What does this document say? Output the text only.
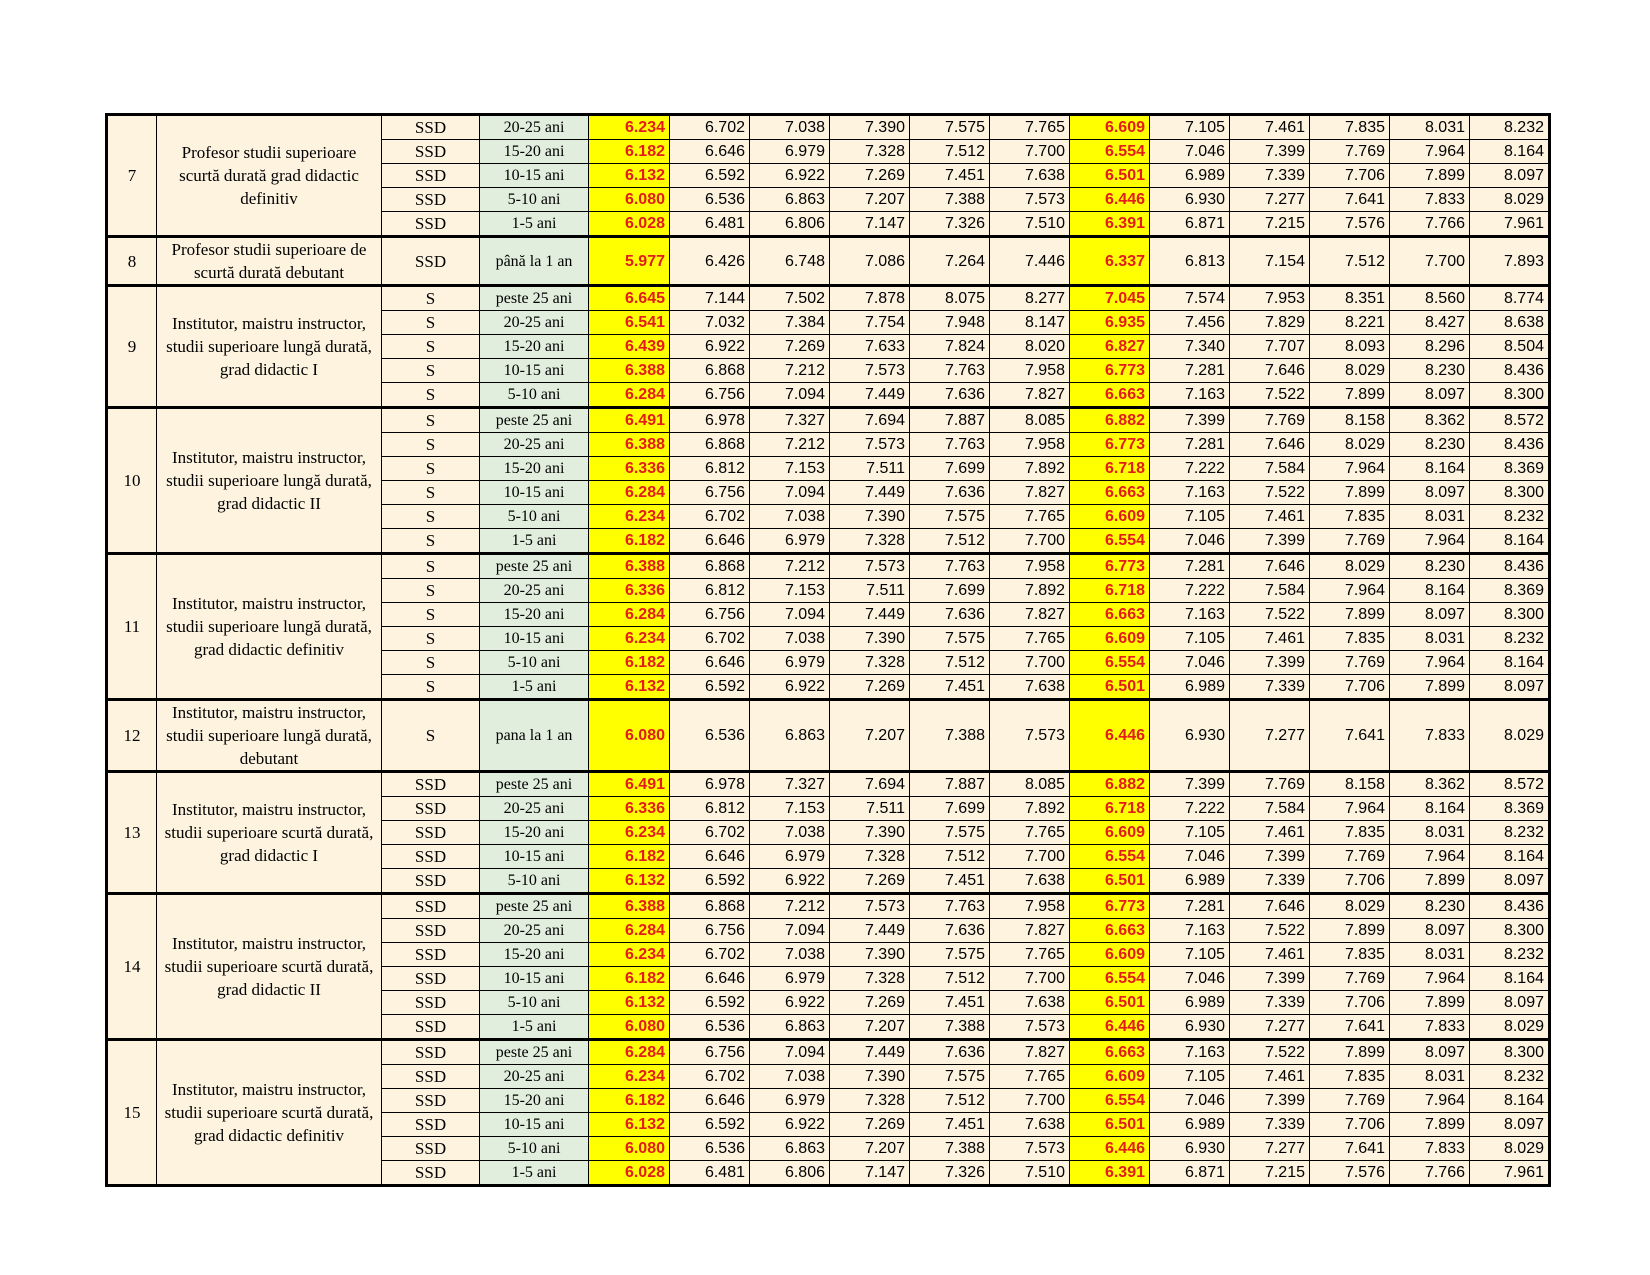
7	Profesor studii superioare scurtă durată grad didactic definitiv	SSD	20-25 ani	6.234	6.702	7.038	7.390	7.575	7.765	6.609	7.105	7.461	7.835	8.031	8.232
		SSD	15-20 ani	6.182	6.646	6.979	7.328	7.512	7.700	6.554	7.046	7.399	7.769	7.964	8.164
		SSD	10-15 ani	6.132	6.592	6.922	7.269	7.451	7.638	6.501	6.989	7.339	7.706	7.899	8.097
		SSD	5-10 ani	6.080	6.536	6.863	7.207	7.388	7.573	6.446	6.930	7.277	7.641	7.833	8.029
		SSD	1-5 ani	6.028	6.481	6.806	7.147	7.326	7.510	6.391	6.871	7.215	7.576	7.766	7.961
8	Profesor studii superioare de scurtă durată debutant	SSD	până la 1 an	5.977	6.426	6.748	7.086	7.264	7.446	6.337	6.813	7.154	7.512	7.700	7.893
9	Institutor, maistru instructor, studii superioare lungă durată, grad didactic I	S	peste 25 ani	6.645	7.144	7.502	7.878	8.075	8.277	7.045	7.574	7.953	8.351	8.560	8.774
		S	20-25 ani	6.541	7.032	7.384	7.754	7.948	8.147	6.935	7.456	7.829	8.221	8.427	8.638
		S	15-20 ani	6.439	6.922	7.269	7.633	7.824	8.020	6.827	7.340	7.707	8.093	8.296	8.504
		S	10-15 ani	6.388	6.868	7.212	7.573	7.763	7.958	6.773	7.281	7.646	8.029	8.230	8.436
		S	5-10 ani	6.284	6.756	7.094	7.449	7.636	7.827	6.663	7.163	7.522	7.899	8.097	8.300
10	Institutor, maistru instructor, studii superioare lungă durată, grad didactic II	S	peste 25 ani	6.491	6.978	7.327	7.694	7.887	8.085	6.882	7.399	7.769	8.158	8.362	8.572
		S	20-25 ani	6.388	6.868	7.212	7.573	7.763	7.958	6.773	7.281	7.646	8.029	8.230	8.436
		S	15-20 ani	6.336	6.812	7.153	7.511	7.699	7.892	6.718	7.222	7.584	7.964	8.164	8.369
		S	10-15 ani	6.284	6.756	7.094	7.449	7.636	7.827	6.663	7.163	7.522	7.899	8.097	8.300
		S	5-10 ani	6.234	6.702	7.038	7.390	7.575	7.765	6.609	7.105	7.461	7.835	8.031	8.232
		S	1-5 ani	6.182	6.646	6.979	7.328	7.512	7.700	6.554	7.046	7.399	7.769	7.964	8.164
11	Institutor, maistru instructor, studii superioare lungă durată, grad didactic definitiv	S	peste 25 ani	6.388	6.868	7.212	7.573	7.763	7.958	6.773	7.281	7.646	8.029	8.230	8.436
		S	20-25 ani	6.336	6.812	7.153	7.511	7.699	7.892	6.718	7.222	7.584	7.964	8.164	8.369
		S	15-20 ani	6.284	6.756	7.094	7.449	7.636	7.827	6.663	7.163	7.522	7.899	8.097	8.300
		S	10-15 ani	6.234	6.702	7.038	7.390	7.575	7.765	6.609	7.105	7.461	7.835	8.031	8.232
		S	5-10 ani	6.182	6.646	6.979	7.328	7.512	7.700	6.554	7.046	7.399	7.769	7.964	8.164
		S	1-5 ani	6.132	6.592	6.922	7.269	7.451	7.638	6.501	6.989	7.339	7.706	7.899	8.097
12	Institutor, maistru instructor, studii superioare lungă durată, debutant	S	pana la 1 an	6.080	6.536	6.863	7.207	7.388	7.573	6.446	6.930	7.277	7.641	7.833	8.029
13	Institutor, maistru instructor, studii superioare scurtă durată, grad didactic I	SSD	peste 25 ani	6.491	6.978	7.327	7.694	7.887	8.085	6.882	7.399	7.769	8.158	8.362	8.572
		SSD	20-25 ani	6.336	6.812	7.153	7.511	7.699	7.892	6.718	7.222	7.584	7.964	8.164	8.369
		SSD	15-20 ani	6.234	6.702	7.038	7.390	7.575	7.765	6.609	7.105	7.461	7.835	8.031	8.232
		SSD	10-15 ani	6.182	6.646	6.979	7.328	7.512	7.700	6.554	7.046	7.399	7.769	7.964	8.164
		SSD	5-10 ani	6.132	6.592	6.922	7.269	7.451	7.638	6.501	6.989	7.339	7.706	7.899	8.097
14	Institutor, maistru instructor, studii superioare scurtă durată, grad didactic II	SSD	peste 25 ani	6.388	6.868	7.212	7.573	7.763	7.958	6.773	7.281	7.646	8.029	8.230	8.436
		SSD	20-25 ani	6.284	6.756	7.094	7.449	7.636	7.827	6.663	7.163	7.522	7.899	8.097	8.300
		SSD	15-20 ani	6.234	6.702	7.038	7.390	7.575	7.765	6.609	7.105	7.461	7.835	8.031	8.232
		SSD	10-15 ani	6.182	6.646	6.979	7.328	7.512	7.700	6.554	7.046	7.399	7.769	7.964	8.164
		SSD	5-10 ani	6.132	6.592	6.922	7.269	7.451	7.638	6.501	6.989	7.339	7.706	7.899	8.097
		SSD	1-5 ani	6.080	6.536	6.863	7.207	7.388	7.573	6.446	6.930	7.277	7.641	7.833	8.029
15	Institutor, maistru instructor, studii superioare scurtă durată, grad didactic definitiv	SSD	peste 25 ani	6.284	6.756	7.094	7.449	7.636	7.827	6.663	7.163	7.522	7.899	8.097	8.300
		SSD	20-25 ani	6.234	6.702	7.038	7.390	7.575	7.765	6.609	7.105	7.461	7.835	8.031	8.232
		SSD	15-20 ani	6.182	6.646	6.979	7.328	7.512	7.700	6.554	7.046	7.399	7.769	7.964	8.164
		SSD	10-15 ani	6.132	6.592	6.922	7.269	7.451	7.638	6.501	6.989	7.339	7.706	7.899	8.097
		SSD	5-10 ani	6.080	6.536	6.863	7.207	7.388	7.573	6.446	6.930	7.277	7.641	7.833	8.029
		SSD	1-5 ani	6.028	6.481	6.806	7.147	7.326	7.510	6.391	6.871	7.215	7.576	7.766	7.961
